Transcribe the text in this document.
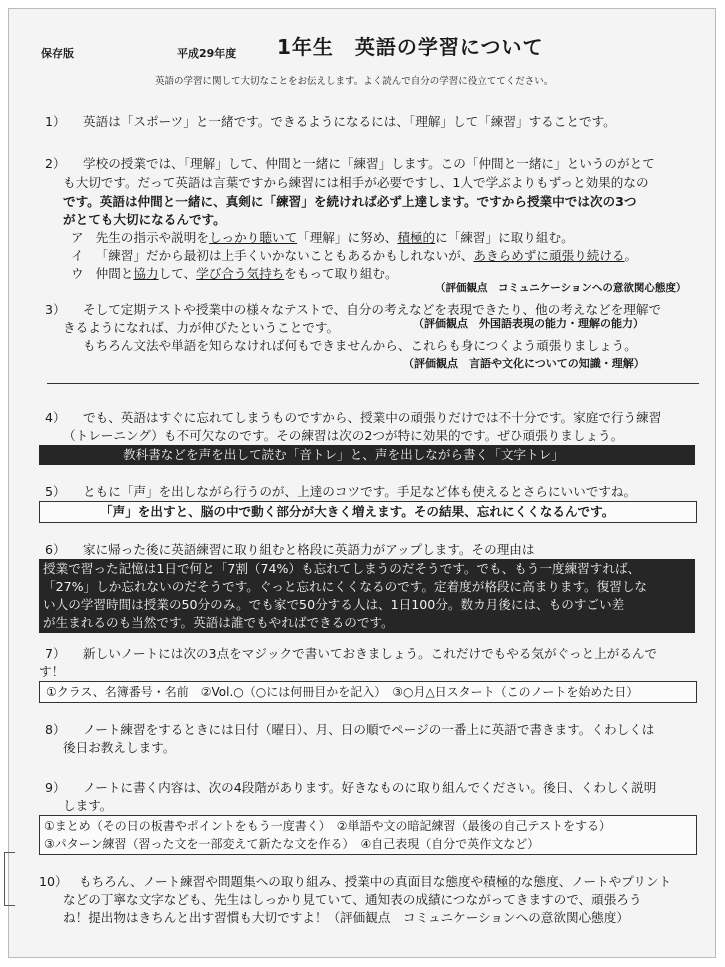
保存版	平成29年度 1年生　英語の学習について
英語の学習に関して大切なことをお伝えします。よく読んで自分の学習に役立ててください。
1） 英語は「スポーツ」と一緒です。できるようになるには、「理解」して「練習」することです。
2） 学校の授業では、「理解」して、仲間と一緒に「練習」します。この「仲間と一緒に」というのがとて
も大切です。だって英語は言葉ですから練習には相手が必要ですし、1人で学ぶよりもずっと効果的なの
です。英語は仲間と一緒に、真剣に「練習」を続ければ必ず上達します。ですから授業中では次の3つ
がとても大切になるんです。
ア 先生の指示や説明をしっかり聴いて「理解」に努め、積極的に「練習」に取り組む。
イ 「練習」だから最初は上手くいかないこともあるかもしれないが、あきらめずに頑張り続ける。
ウ 仲間と協力して、学び合う気持ちをもって取り組む。
（評価観点　コミュニケーションへの意欲関心態度）
3） そして定期テストや授業中の様々なテストで、自分の考えなどを表現できたり、他の考えなどを理解で
きるようになれば、力が伸びたということです。	（評価観点　外国語表現の能力・理解の能力）
もちろん文法や単語を知らなければ何もできませんから、これらも身につくよう頑張りましょう。
（評価観点　言語や文化についての知識・理解）
4） でも、英語はすぐに忘れてしまうものですから、授業中の頑張りだけでは不十分です。家庭で行う練習
（トレーニング）も不可欠なのです。その練習は次の2つが特に効果的です。ぜひ頑張りましょう。
教科書などを声を出して読む「音トレ」と、声を出しながら書く「文字トレ」
5） ともに「声」を出しながら行うのが、上達のコツです。手足など体も使えるとさらにいいですね。
「声」を出すと、脳の中で動く部分が大きく増えます。その結果、忘れにくくなるんです。
6） 家に帰った後に英語練習に取り組むと格段に英語力がアップします。その理由は
授業で習った記憶は1日で何と「7割（74%）も忘れてしまうのだそうです。でも、もう一度練習すれば、
「27%」しか忘れないのだそうです。ぐっと忘れにくくなるのです。定着度が格段に高まります。復習しな
い人の学習時間は授業の50分のみ。でも家で50分する人は、1日100分。数カ月後には、ものすごい差
が生まれるのも当然です。英語は誰でもやればできるのです。
7） 新しいノートには次の3点をマジックで書いておきましょう。これだけでもやる気がぐっと上がるんで
す！
①クラス、名簿番号・名前　②Vol.○（○には何冊目かを記入）　③○月△日スタート（このノートを始めた日）
8） ノート練習をするときには日付（曜日）、月、日の順でページの一番上に英語で書きます。くわしくは
後日お教えします。
9） ノートに書く内容は、次の4段階があります。好きなものに取り組んでください。後日、くわしく説明
します。
①まとめ（その日の板書やポイントをもう一度書く）　②単語や文の暗記練習（最後の自己テストをする）
③パターン練習（習った文を一部変えて新たな文を作る）　④自己表現（自分で英作文など）
10） もちろん、ノート練習や問題集への取り組み、授業中の真面目な態度や積極的な態度、ノートやプリント
などの丁寧な文字なども、先生はしっかり見ていて、通知表の成績につながってきますので、頑張ろう
ね！提出物はきちんと出す習慣も大切ですよ！（評価観点　コミュニケーションへの意欲関心態度）
